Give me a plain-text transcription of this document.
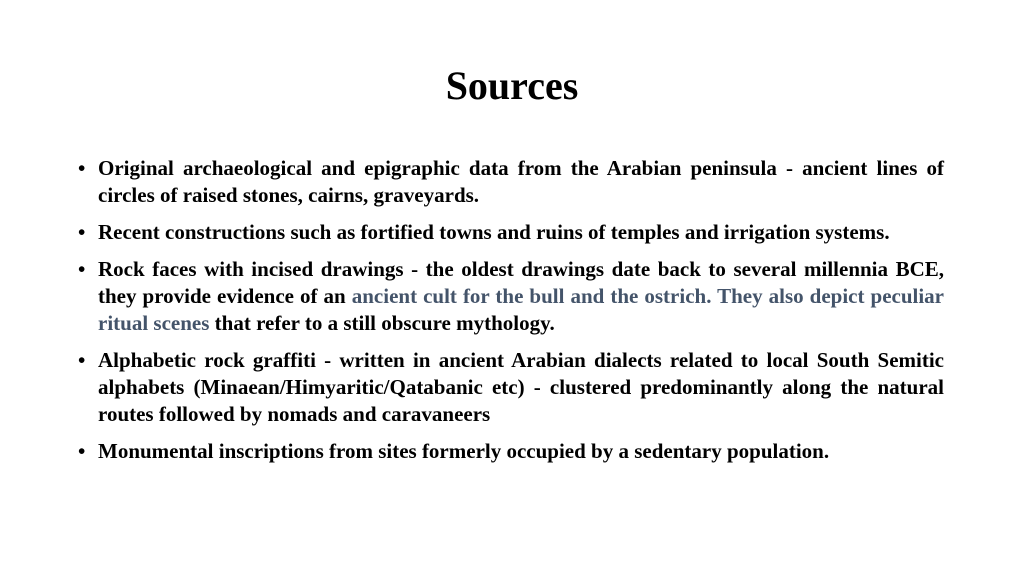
Sources
• Original archaeological and epigraphic data from the Arabian peninsula - ancient lines of circles of raised stones, cairns, graveyards.
• Recent constructions such as fortified towns and ruins of temples and irrigation systems.
• Rock faces with incised drawings - the oldest drawings date back to several millennia BCE, they provide evidence of an ancient cult for the bull and the ostrich. They also depict peculiar ritual scenes that refer to a still obscure mythology.
• Alphabetic rock graffiti - written in ancient Arabian dialects related to local South Semitic alphabets (Minaean/Himyaritic/Qatabanic etc) - clustered predominantly along the natural routes followed by nomads and caravaneers
• Monumental inscriptions from sites formerly occupied by a sedentary population.
